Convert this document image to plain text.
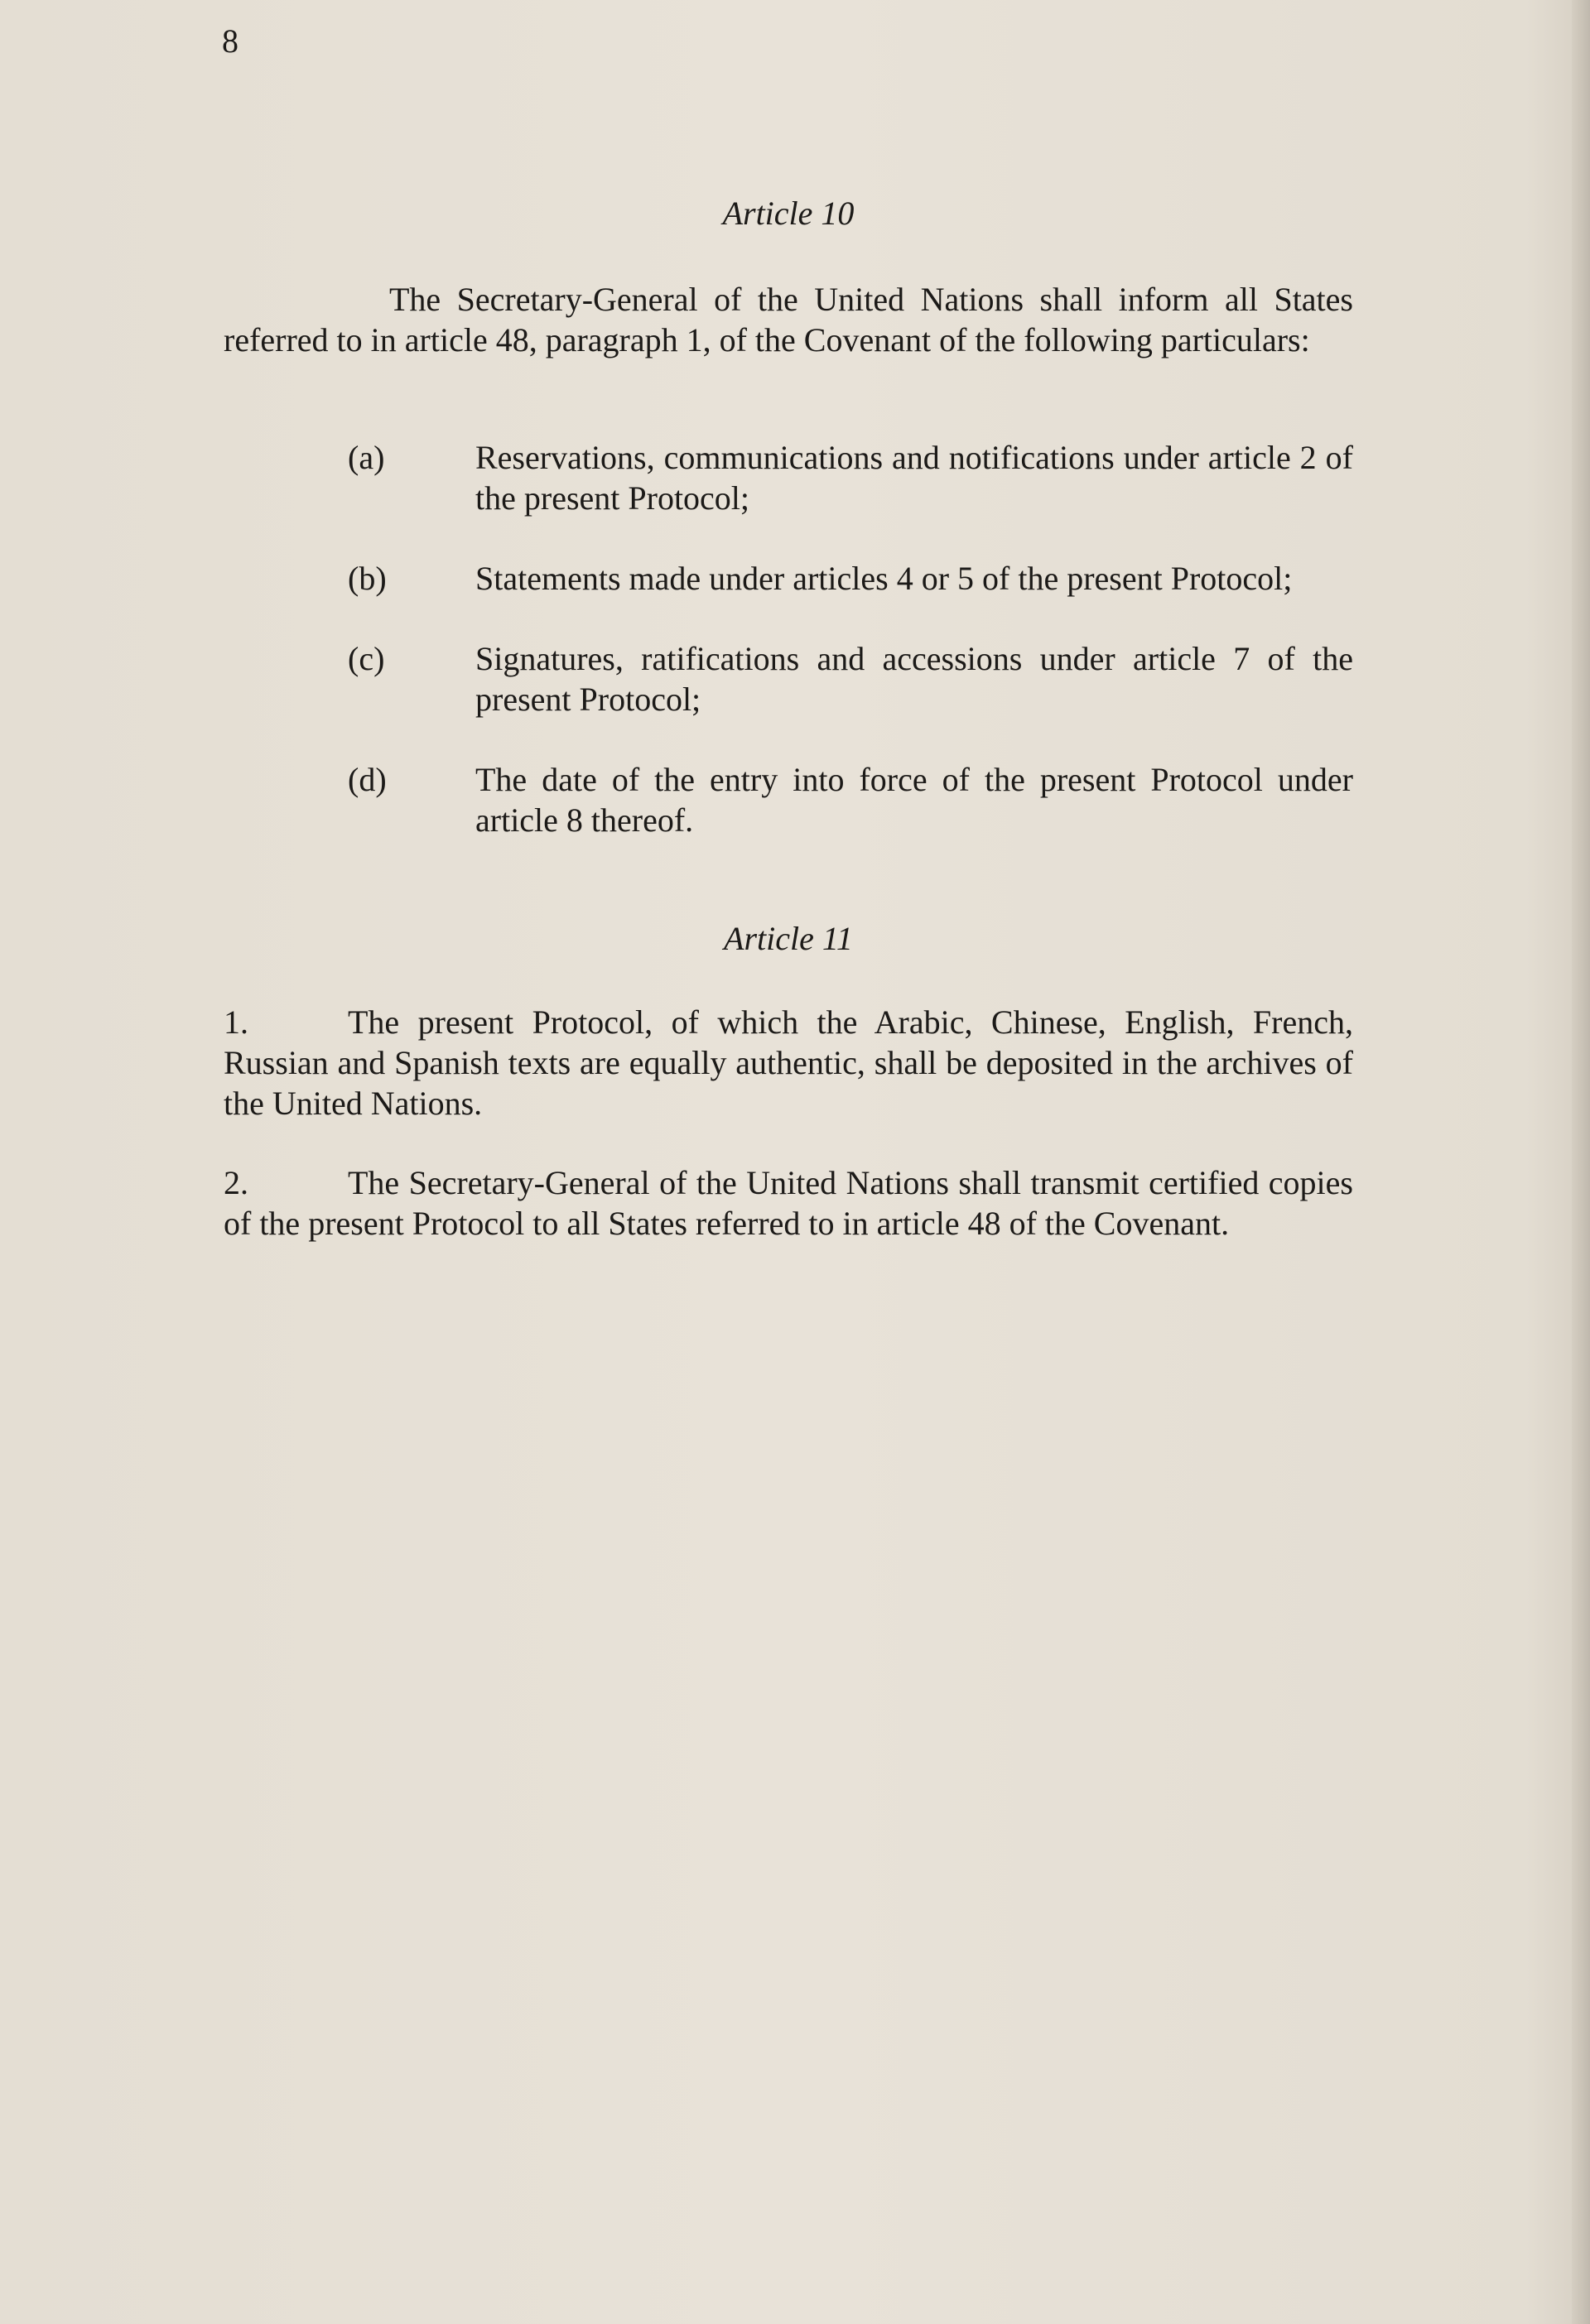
8
Article 10

The Secretary-General of the United Nations shall inform all States referred to in article 48, paragraph 1, of the Covenant of the following particulars:

(a)	Reservations, communications and notifications under article 2 of the present Protocol;
(b)	Statements made under articles 4 or 5 of the present Protocol;
(c)	Signatures, ratifications and accessions under article 7 of the present Protocol;
(d)	The date of the entry into force of the present Protocol under article 8 thereof.
Article 11

1.	The present Protocol, of which the Arabic, Chinese, English, French, Russian and Spanish texts are equally authentic, shall be deposited in the archives of the United Nations.

2.	The Secretary-General of the United Nations shall transmit certified copies of the present Protocol to all States referred to in article 48 of the Covenant.
